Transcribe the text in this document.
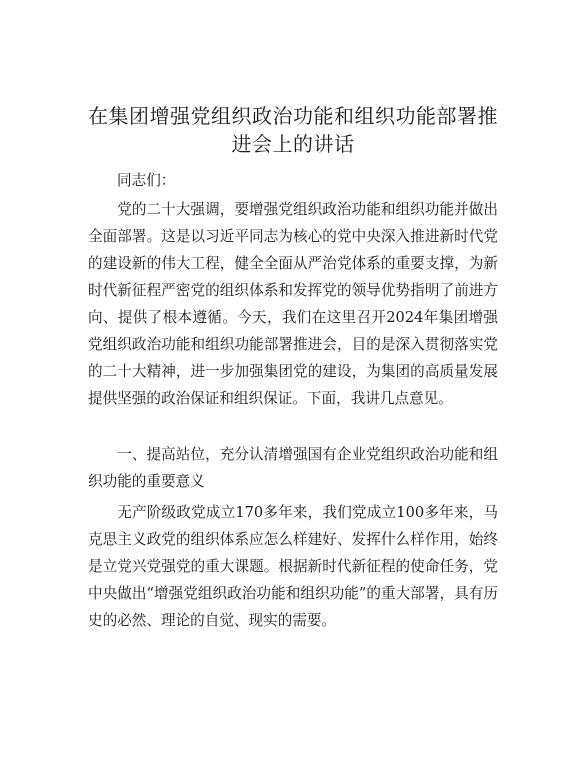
在集团增强党组织政治功能和组织功能部署推
进会上的讲话

同志们：

党的二十大强调，要增强党组织政治功能和组织功能并做出全面部署。这是以习近平同志为核心的党中央深入推进新时代党的建设新的伟大工程，健全全面从严治党体系的重要支撑，为新时代新征程严密党的组织体系和发挥党的领导优势指明了前进方向、提供了根本遵循。今天，我们在这里召开2024年集团增强党组织政治功能和组织功能部署推进会，目的是深入贯彻落实党的二十大精神，进一步加强集团党的建设，为集团的高质量发展提供坚强的政治保证和组织保证。下面，我讲几点意见。

一、提高站位，充分认清增强国有企业党组织政治功能和组织功能的重要意义

无产阶级政党成立170多年来，我们党成立100多年来，马克思主义政党的组织体系应怎么样建好、发挥什么样作用，始终是立党兴党强党的重大课题。根据新时代新征程的使命任务，党中央做出“增强党组织政治功能和组织功能”的重大部署，具有历史的必然、理论的自觉、现实的需要。
